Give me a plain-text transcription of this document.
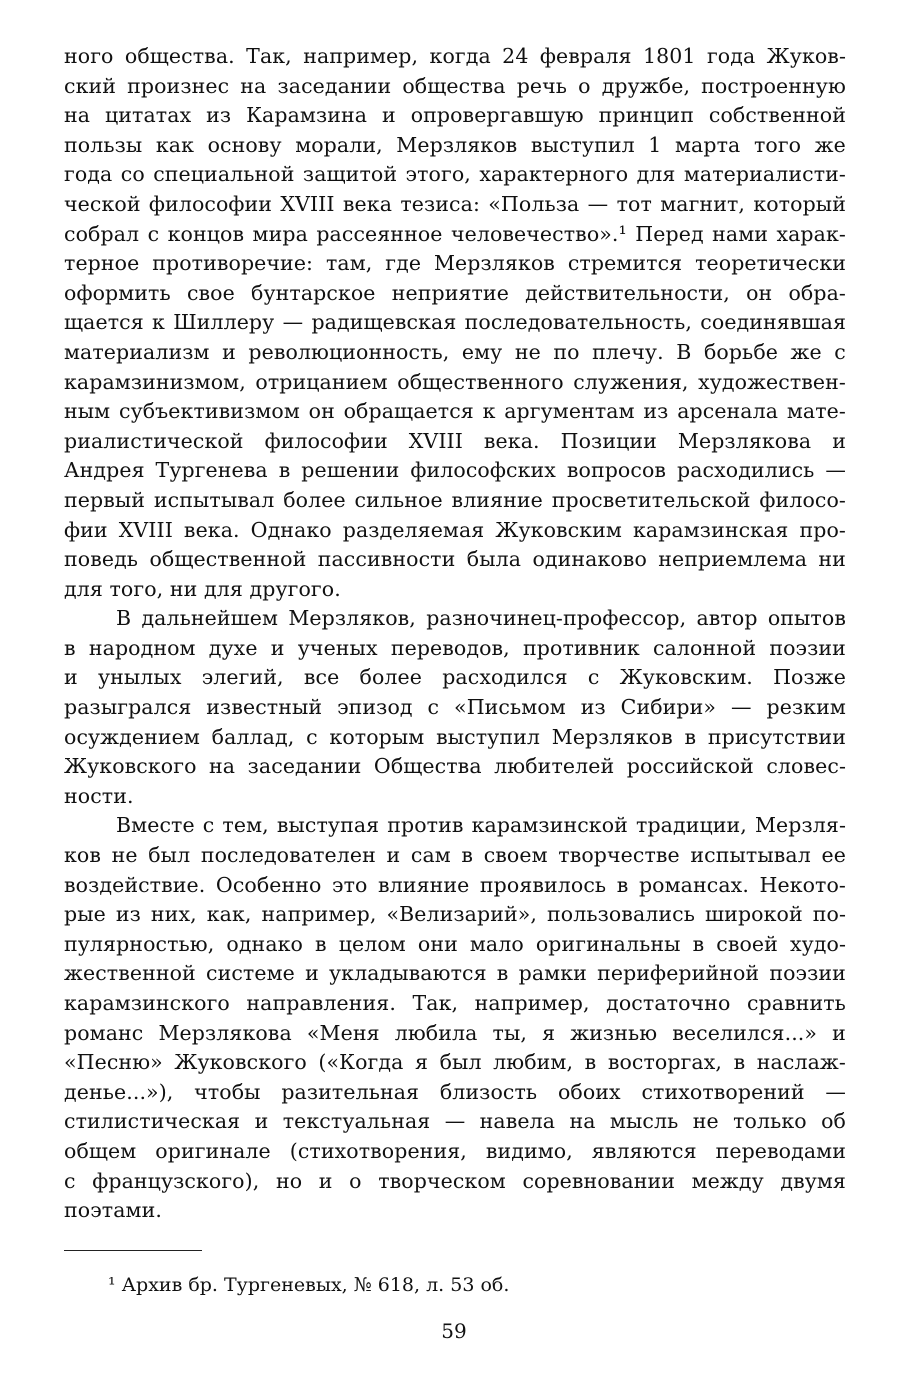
ного общества. Так, например, когда 24 февраля 1801 года Жуков-
ский произнес на заседании общества речь о дружбе, построенную
на цитатах из Карамзина и опровергавшую принцип собственной
пользы как основу морали, Мерзляков выступил 1 марта того же
года со специальной защитой этого, характерного для материалисти-
ческой философии XVIII века тезиса: «Польза — тот магнит, который
собрал с концов мира рассеянное человечество».¹ Перед нами харак-
терное противоречие: там, где Мерзляков стремится теоретически
оформить свое бунтарское неприятие действительности, он обра-
щается к Шиллеру — радищевская последовательность, соединявшая
материализм и революционность, ему не по плечу. В борьбе же с
карамзинизмом, отрицанием общественного служения, художествен-
ным субъективизмом он обращается к аргументам из арсенала мате-
риалистической философии XVIII века. Позиции Мерзлякова и
Андрея Тургенева в решении философских вопросов расходились —
первый испытывал более сильное влияние просветительской филосо-
фии XVIII века. Однако разделяемая Жуковским карамзинская про-
поведь общественной пассивности была одинаково неприемлема ни
для того, ни для другого.
В дальнейшем Мерзляков, разночинец-профессор, автор опытов
в народном духе и ученых переводов, противник салонной поэзии
и унылых элегий, все более расходился с Жуковским. Позже
разыгрался известный эпизод с «Письмом из Сибири» — резким
осуждением баллад, с которым выступил Мерзляков в присутствии
Жуковского на заседании Общества любителей российской словес-
ности.
Вместе с тем, выступая против карамзинской традиции, Мерзля-
ков не был последователен и сам в своем творчестве испытывал ее
воздействие. Особенно это влияние проявилось в романсах. Некото-
рые из них, как, например, «Велизарий», пользовались широкой по-
пулярностью, однако в целом они мало оригинальны в своей худо-
жественной системе и укладываются в рамки периферийной поэзии
карамзинского направления. Так, например, достаточно сравнить
романс Мерзлякова «Меня любила ты, я жизнью веселился...» и
«Песню» Жуковского («Когда я был любим, в восторгах, в наслаж-
денье...»), чтобы разительная близость обоих стихотворений —
стилистическая и текстуальная — навела на мысль не только об
общем оригинале (стихотворения, видимо, являются переводами
с французского), но и о творческом соревновании между двумя
поэтами.
¹ Архив бр. Тургеневых, № 618, л. 53 об.
59
